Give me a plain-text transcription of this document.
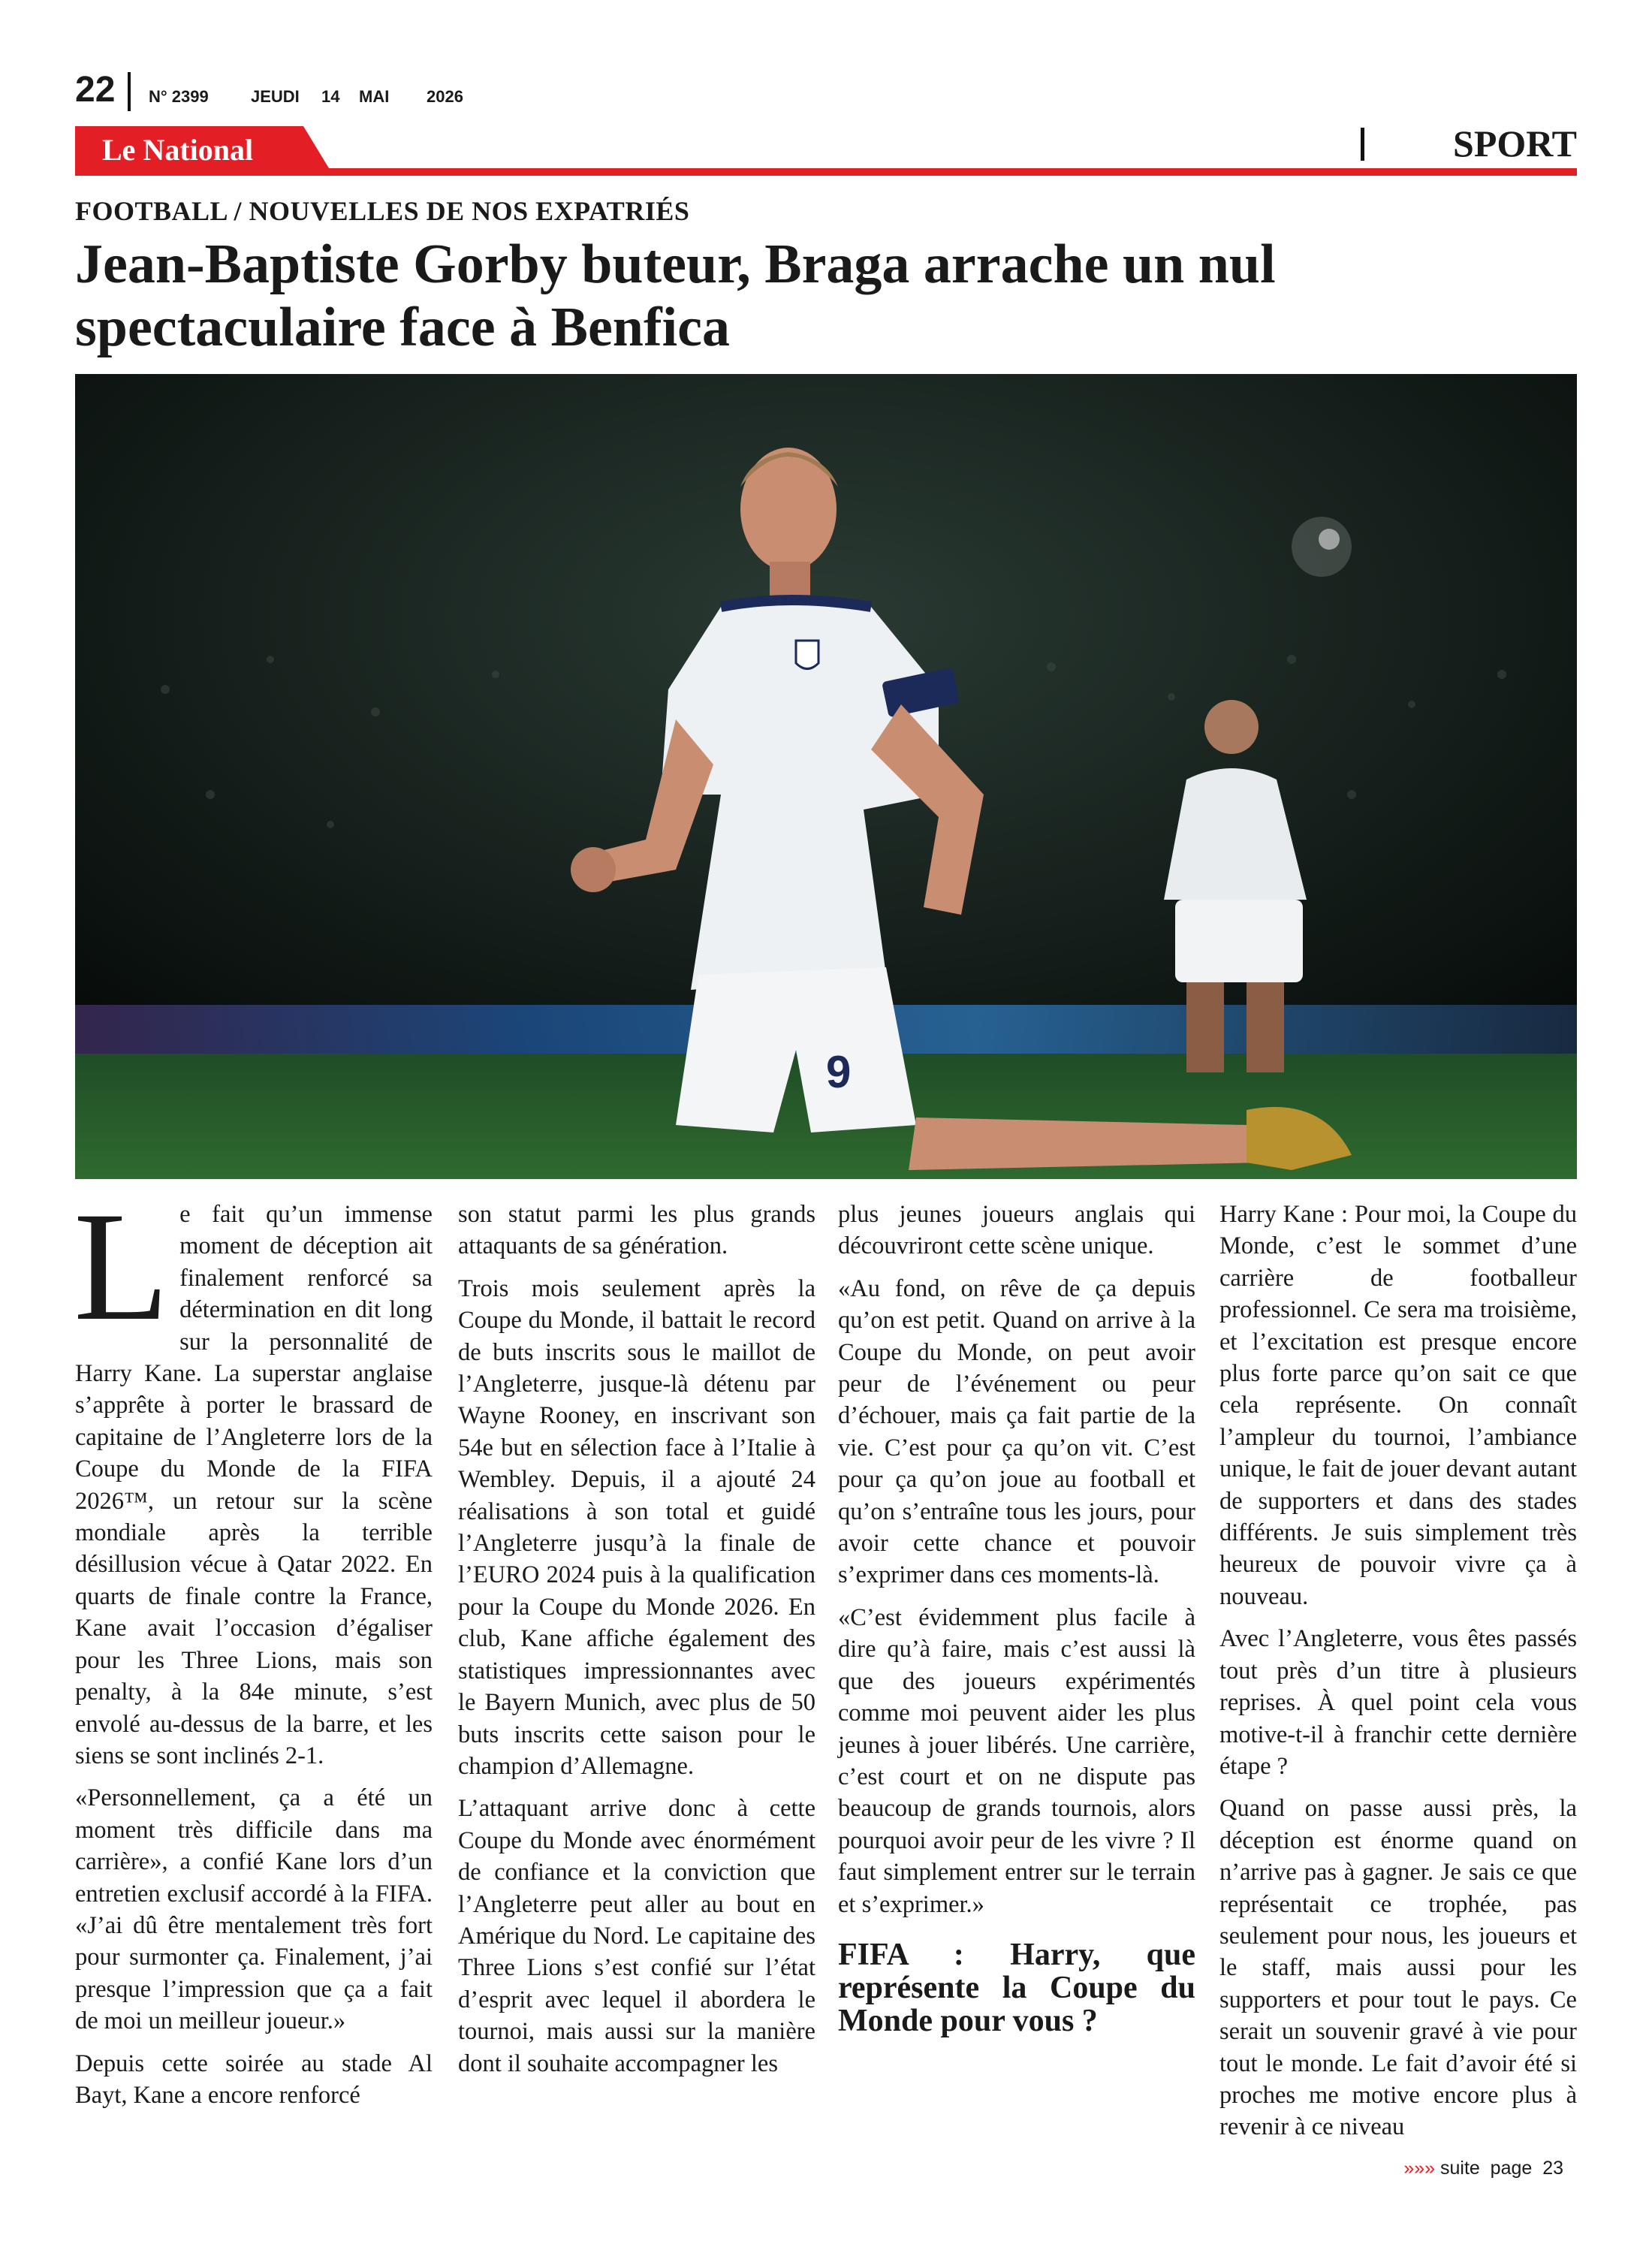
22 N° 2399	JEUDI 14 MAI 2026
Le National	SPORT
FOOTBALL / NOUVELLES DE NOS EXPATRIÉS
Jean-Baptiste Gorby buteur, Braga arrache un nul spectaculaire face à Benfica
9

Le fait qu’un immense moment de déception ait finalement renforcé sa détermination en dit long sur la personnalité de Harry Kane. La superstar anglaise s’apprête à porter le brassard de capitaine de l’Angleterre lors de la Coupe du Monde de la FIFA 2026™, un retour sur la scène mondiale après la terrible désillusion vécue à Qatar 2022. En quarts de finale contre la France, Kane avait l’occasion d’égaliser pour les Three Lions, mais son penalty, à la 84e minute, s’est envolé au-dessus de la barre, et les siens se sont inclinés 2-1.

«Personnellement, ça a été un moment très difficile dans ma carrière», a confié Kane lors d’un entretien exclusif accordé à la FIFA. «J’ai dû être mentalement très fort pour surmonter ça. Finalement, j’ai presque l’impression que ça a fait de moi un meilleur joueur.»

Depuis cette soirée au stade Al Bayt, Kane a encore renforcé

son statut parmi les plus grands attaquants de sa génération.

Trois mois seulement après la Coupe du Monde, il battait le record de buts inscrits sous le maillot de l’Angleterre, jusque-là détenu par Wayne Rooney, en inscrivant son 54e but en sélection face à l’Italie à Wembley. Depuis, il a ajouté 24 réalisations à son total et guidé l’Angleterre jusqu’à la finale de l’EURO 2024 puis à la qualification pour la Coupe du Monde 2026. En club, Kane affiche également des statistiques impressionnantes avec le Bayern Munich, avec plus de 50 buts inscrits cette saison pour le champion d’Allemagne.

L’attaquant arrive donc à cette Coupe du Monde avec énormément de confiance et la conviction que l’Angleterre peut aller au bout en Amérique du Nord. Le capitaine des Three Lions s’est confié sur l’état d’esprit avec lequel il abordera le tournoi, mais aussi sur la manière dont il souhaite accompagner les

plus jeunes joueurs anglais qui découvriront cette scène unique.

«Au fond, on rêve de ça depuis qu’on est petit. Quand on arrive à la Coupe du Monde, on peut avoir peur de l’événement ou peur d’échouer, mais ça fait partie de la vie. C’est pour ça qu’on vit. C’est pour ça qu’on joue au football et qu’on s’entraîne tous les jours, pour avoir cette chance et pouvoir s’exprimer dans ces moments-là.

«C’est évidemment plus facile à dire qu’à faire, mais c’est aussi là que des joueurs expérimentés comme moi peuvent aider les plus jeunes à jouer libérés. Une carrière, c’est court et on ne dispute pas beaucoup de grands tournois, alors pourquoi avoir peur de les vivre ? Il faut simplement entrer sur le terrain et s’exprimer.»

FIFA : Harry, que représente la Coupe du Monde pour vous ?

Harry Kane : Pour moi, la Coupe du Monde, c’est le sommet d’une carrière de footballeur professionnel. Ce sera ma troisième, et l’excitation est presque encore plus forte parce qu’on sait ce que cela représente. On connaît l’ampleur du tournoi, l’ambiance unique, le fait de jouer devant autant de supporters et dans des stades différents. Je suis simplement très heureux de pouvoir vivre ça à nouveau.

Avec l’Angleterre, vous êtes passés tout près d’un titre à plusieurs reprises. À quel point cela vous motive-t-il à franchir cette dernière étape ?

Quand on passe aussi près, la déception est énorme quand on n’arrive pas à gagner. Je sais ce que représentait ce trophée, pas seulement pour nous, les joueurs et le staff, mais aussi pour les supporters et pour tout le pays. Ce serait un souvenir gravé à vie pour tout le monde. Le fait d’avoir été si proches me motive encore plus à revenir à ce niveau

»»» suite  page  23
